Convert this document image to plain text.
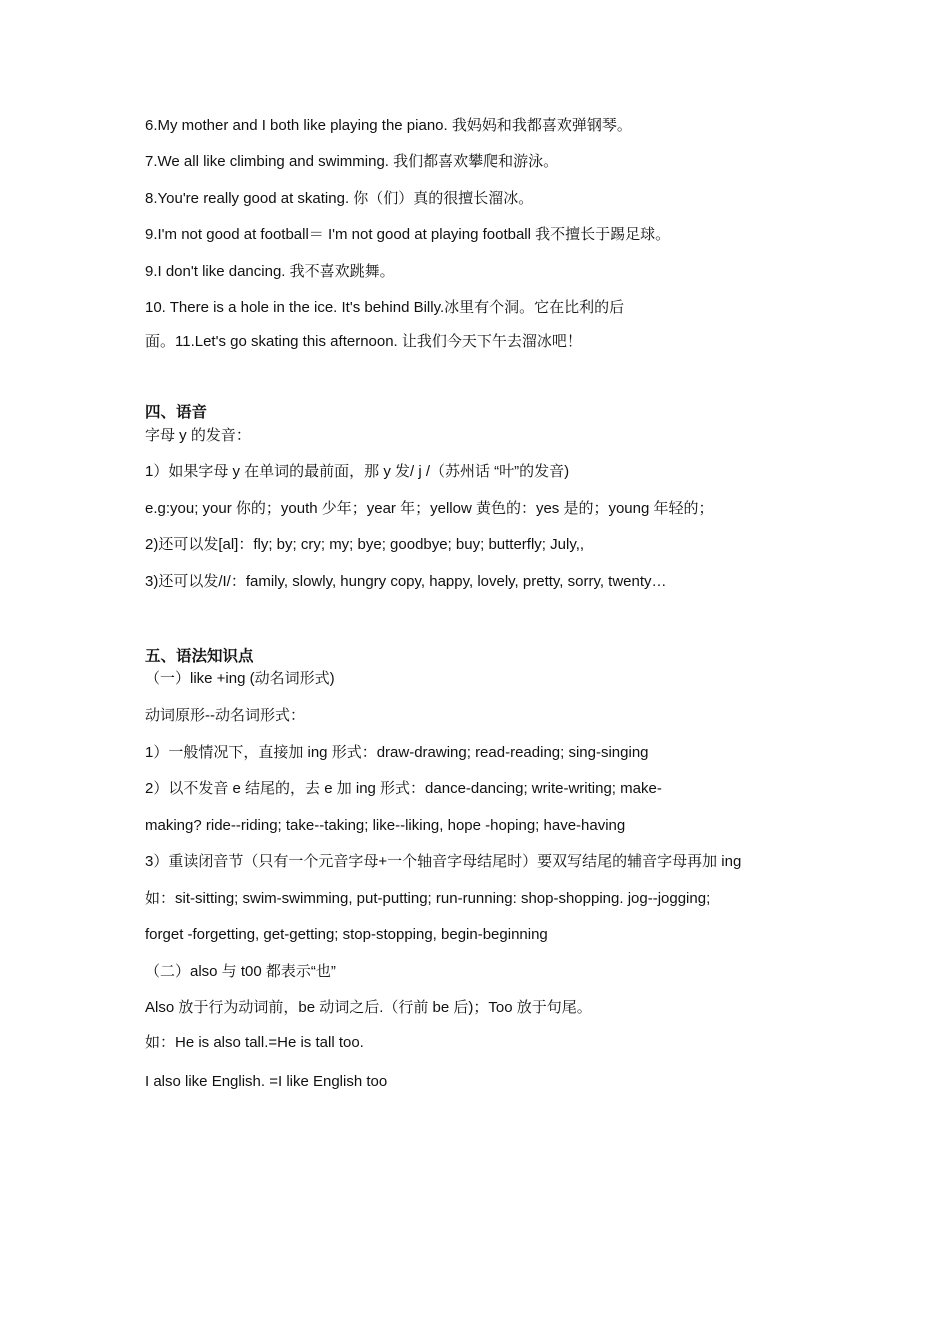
6.My mother and I both like playing the piano. 我妈妈和我都喜欢弹钢琴。
7.We all like climbing and swimming. 我们都喜欢攀爬和游泳。
8.You're really good at skating. 你（们）真的很擅长溜冰。
9.I'm not good at football＝ I'm not good at playing football 我不擅长于踢足球。
9.I don't like dancing. 我不喜欢跳舞。
10. There is a hole in the ice. It's behind Billy.冰里有个洞。它在比利的后
面。11.Let's go skating this afternoon. 让我们今天下午去溜冰吧！
四、语音
字母 y 的发音：
1）如果字母 y 在单词的最前面，那 y 发/ j /（苏州话 “叶”的发音)
e.g:you; your 你的；youth 少年；year 年；yellow 黄色的：yes 是的；young 年轻的；
2)还可以发[al]：fly; by; cry; my; bye; goodbye; buy; butterfly; July,,
3)还可以发/I/：family, slowly, hungry copy, happy, lovely, pretty, sorry, twenty…
五、语法知识点
（一）like +ing (动名词形式)
动词原形--动名词形式：
1）一般情况下，直接加 ing 形式：draw-drawing; read-reading; sing-singing
2）以不发音 e 结尾的，去 e 加 ing 形式：dance-dancing; write-writing; make-
making? ride--riding; take--taking; like--liking, hope -hoping; have-having
3）重读闭音节（只有一个元音字母+一个轴音字母结尾时）要双写结尾的辅音字母再加 ing
如：sit-sitting; swim-swimming, put-putting; run-running: shop-shopping. jog--jogging;
forget -forgetting, get-getting; stop-stopping, begin-beginning
（二）also 与 t00 都表示“也”
Also 放于行为动词前，be 动词之后.（行前 be 后)；Too 放于句尾。
如：He is also tall.=He is tall too.
I also like English. =I like English too
